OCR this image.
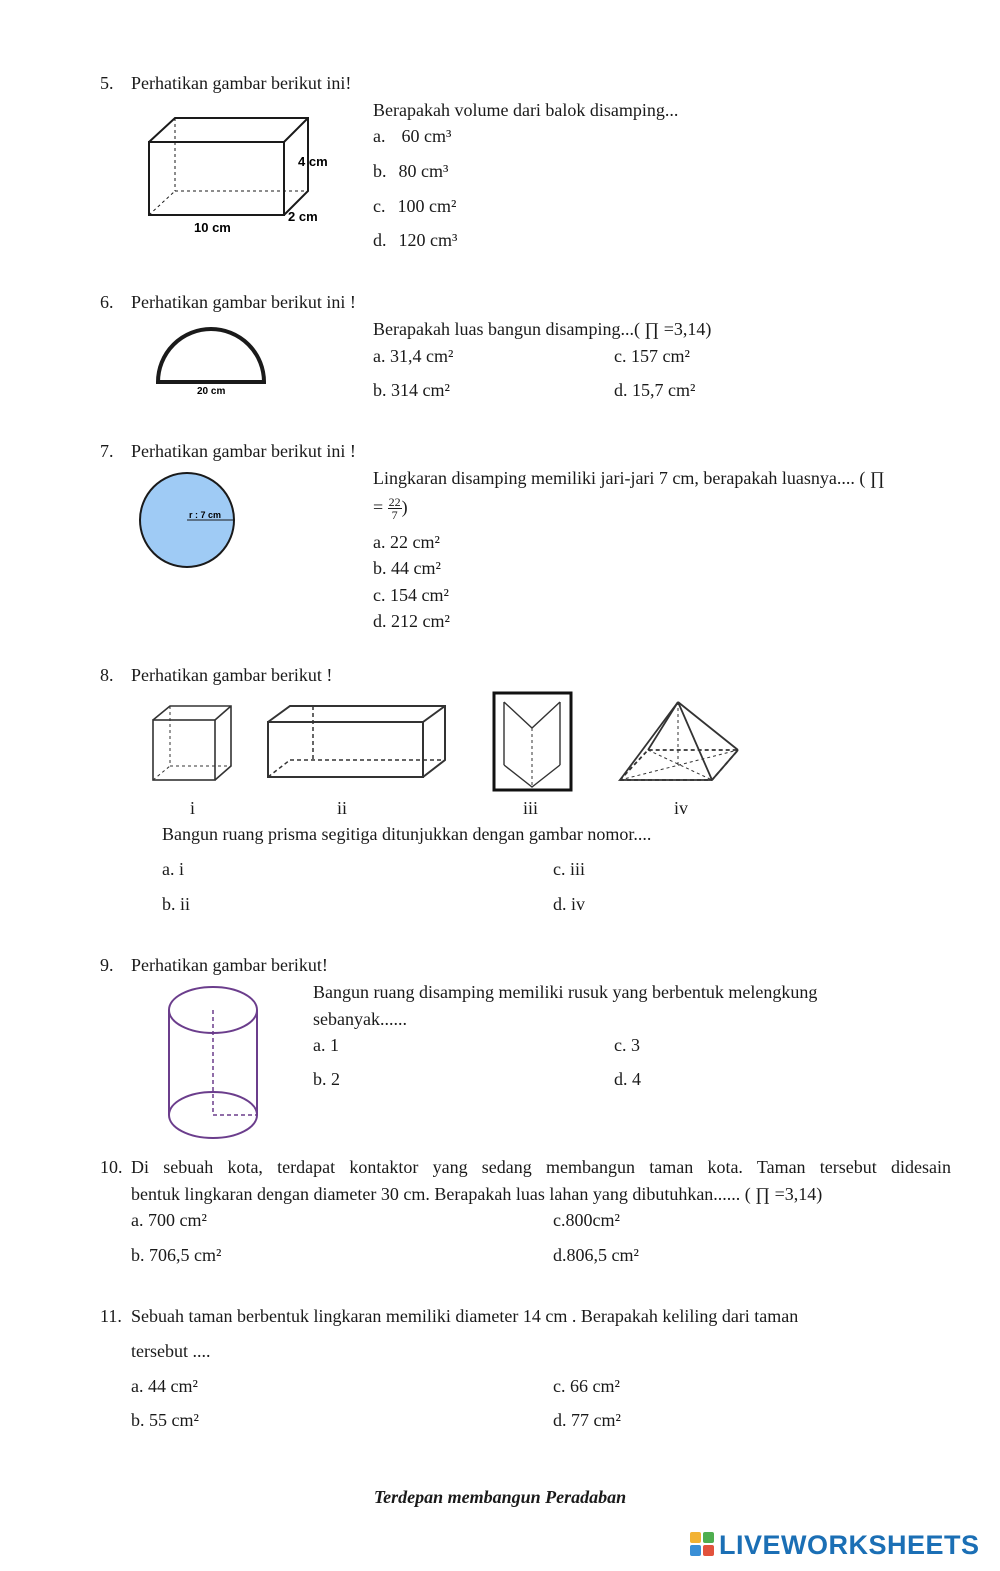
5. Perhatikan gambar berikut ini!
Berapakah volume dari balok disamping...
a. 60 cm³
b. 80 cm³
c. 100 cm²
d. 120 cm³
4 cm
10 cm
2 cm
6. Perhatikan gambar berikut ini !
Berapakah luas bangun disamping...( ∏ =3,14)
a. 31,4 cm²	c. 157 cm²
b. 314 cm²	d. 15,7 cm²
20 cm
7. Perhatikan gambar berikut ini !
Lingkaran disamping memiliki jari-jari 7 cm, berapakah luasnya.... ( ∏
= $\frac{22}{7}$ )
a. 22 cm²
b. 44 cm²
c. 154 cm²
d. 212 cm²
r : 7 cm
8. Perhatikan gambar berikut !
i	ii	iii	iv
Bangun ruang prisma segitiga ditunjukkan dengan gambar nomor....
a. i	c. iii
b. ii	d. iv
9. Perhatikan gambar berikut!
Bangun ruang disamping memiliki rusuk yang berbentuk melengkung
sebanyak......
a. 1	c. 3
b. 2	d. 4
10. Di sebuah kota, terdapat kontaktor yang sedang membangun taman kota. Taman tersebut didesain
bentuk lingkaran dengan diameter 30 cm. Berapakah luas lahan yang dibutuhkan...... ( ∏ =3,14)
a. 700 cm²	c.800cm²
b. 706,5 cm²	d.806,5 cm²
11. Sebuah taman berbentuk lingkaran memiliki diameter 14 cm . Berapakah keliling dari taman
tersebut ....
a. 44 cm²	c. 66 cm²
b. 55 cm²	d. 77 cm²
Terdepan membangun Peradaban
LIVEWORKSHEETS
